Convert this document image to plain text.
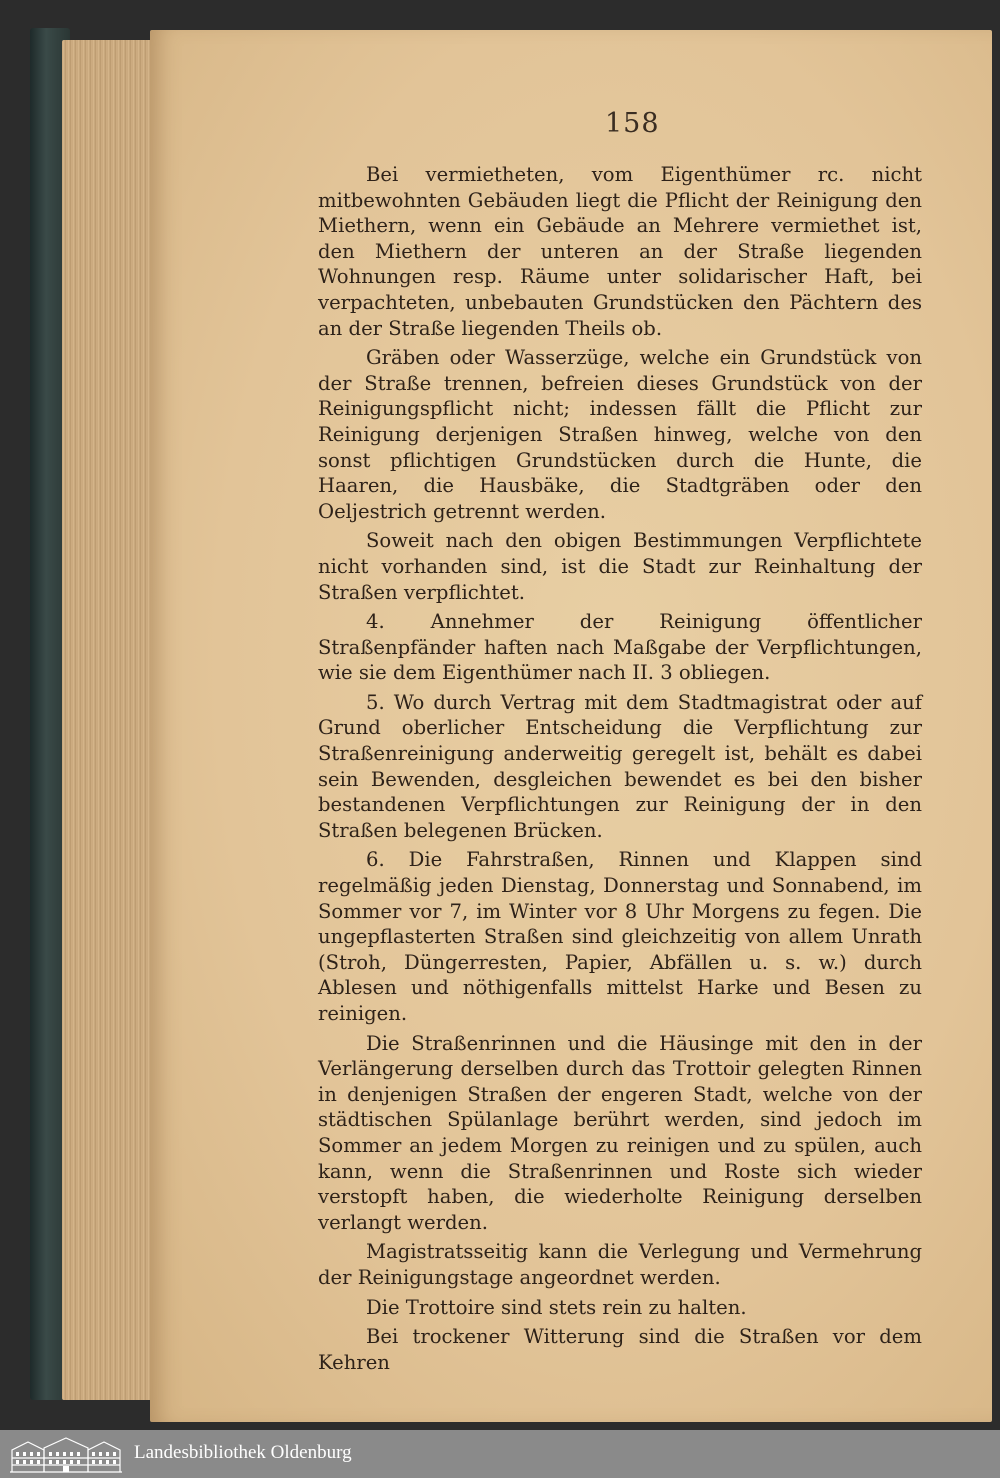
158

Bei vermiethеten, vom Eigenthümer rc. nicht mitbewohnten Gebäuden liegt die Pflicht der Reinigung den Miethern, wenn ein Gebäude an Mehrere vermiethet ist, den Miethern der unteren an der Straße liegenden Wohnungen resp. Räume unter solidarischer Haft, bei verpachteten, unbebauten Grundstücken den Pächtern des an der Straße liegenden Theils ob.

Gräben oder Wasserzüge, welche ein Grundstück von der Straße trennen, befreien dieses Grundstück von der Reinigungspflicht nicht; indessen fällt die Pflicht zur Reinigung derjenigen Straßen hinweg, welche von den sonst pflichtigen Grundstücken durch die Hunte, die Haaren, die Hausbäke, die Stadtgräben oder den Oeljestrich getrennt werden.

Soweit nach den obigen Bestimmungen Verpflichtete nicht vorhanden sind, ist die Stadt zur Reinhaltung der Straßen verpflichtet.

4. Annehmer der Reinigung öffentlicher Straßenpfänder haften nach Maßgabe der Verpflichtungen, wie sie dem Eigenthümer nach II. 3 obliegen.

5. Wo durch Vertrag mit dem Stadtmagistrat oder auf Grund oberlicher Entscheidung die Verpflichtung zur Straßenreinigung anderweitig geregelt ist, behält es dabei sein Bewenden, desgleichen bewendet es bei den bisher bestandenen Verpflichtungen zur Reinigung der in den Straßen belegenen Brücken.

6. Die Fahrstraßen, Rinnen und Klappen sind regelmäßig jeden Dienstag, Donnerstag und Sonnabend, im Sommer vor 7, im Winter vor 8 Uhr Morgens zu fegen. Die ungepflasterten Straßen sind gleichzeitig von allem Unrath (Stroh, Düngerresten, Papier, Abfällen u. s. w.) durch Ablesen und nöthigenfalls mittelst Harke und Besen zu reinigen.

Die Straßenrinnen und die Häusinge mit den in der Verlängerung derselben durch das Trottoir gelegten Rinnen in denjenigen Straßen der engeren Stadt, welche von der städtischen Spülanlage berührt werden, sind jedoch im Sommer an jedem Morgen zu reinigen und zu spülen, auch kann, wenn die Straßenrinnen und Roste sich wieder verstopft haben, die wiederholte Reinigung derselben verlangt werden.

Magistratsseitig kann die Verlegung und Vermehrung der Reinigungstage angeordnet werden.

Die Trottoire sind stets rein zu halten.

Bei trockener Witterung sind die Straßen vor dem Kehren

Landesbibliothek Oldenburg
